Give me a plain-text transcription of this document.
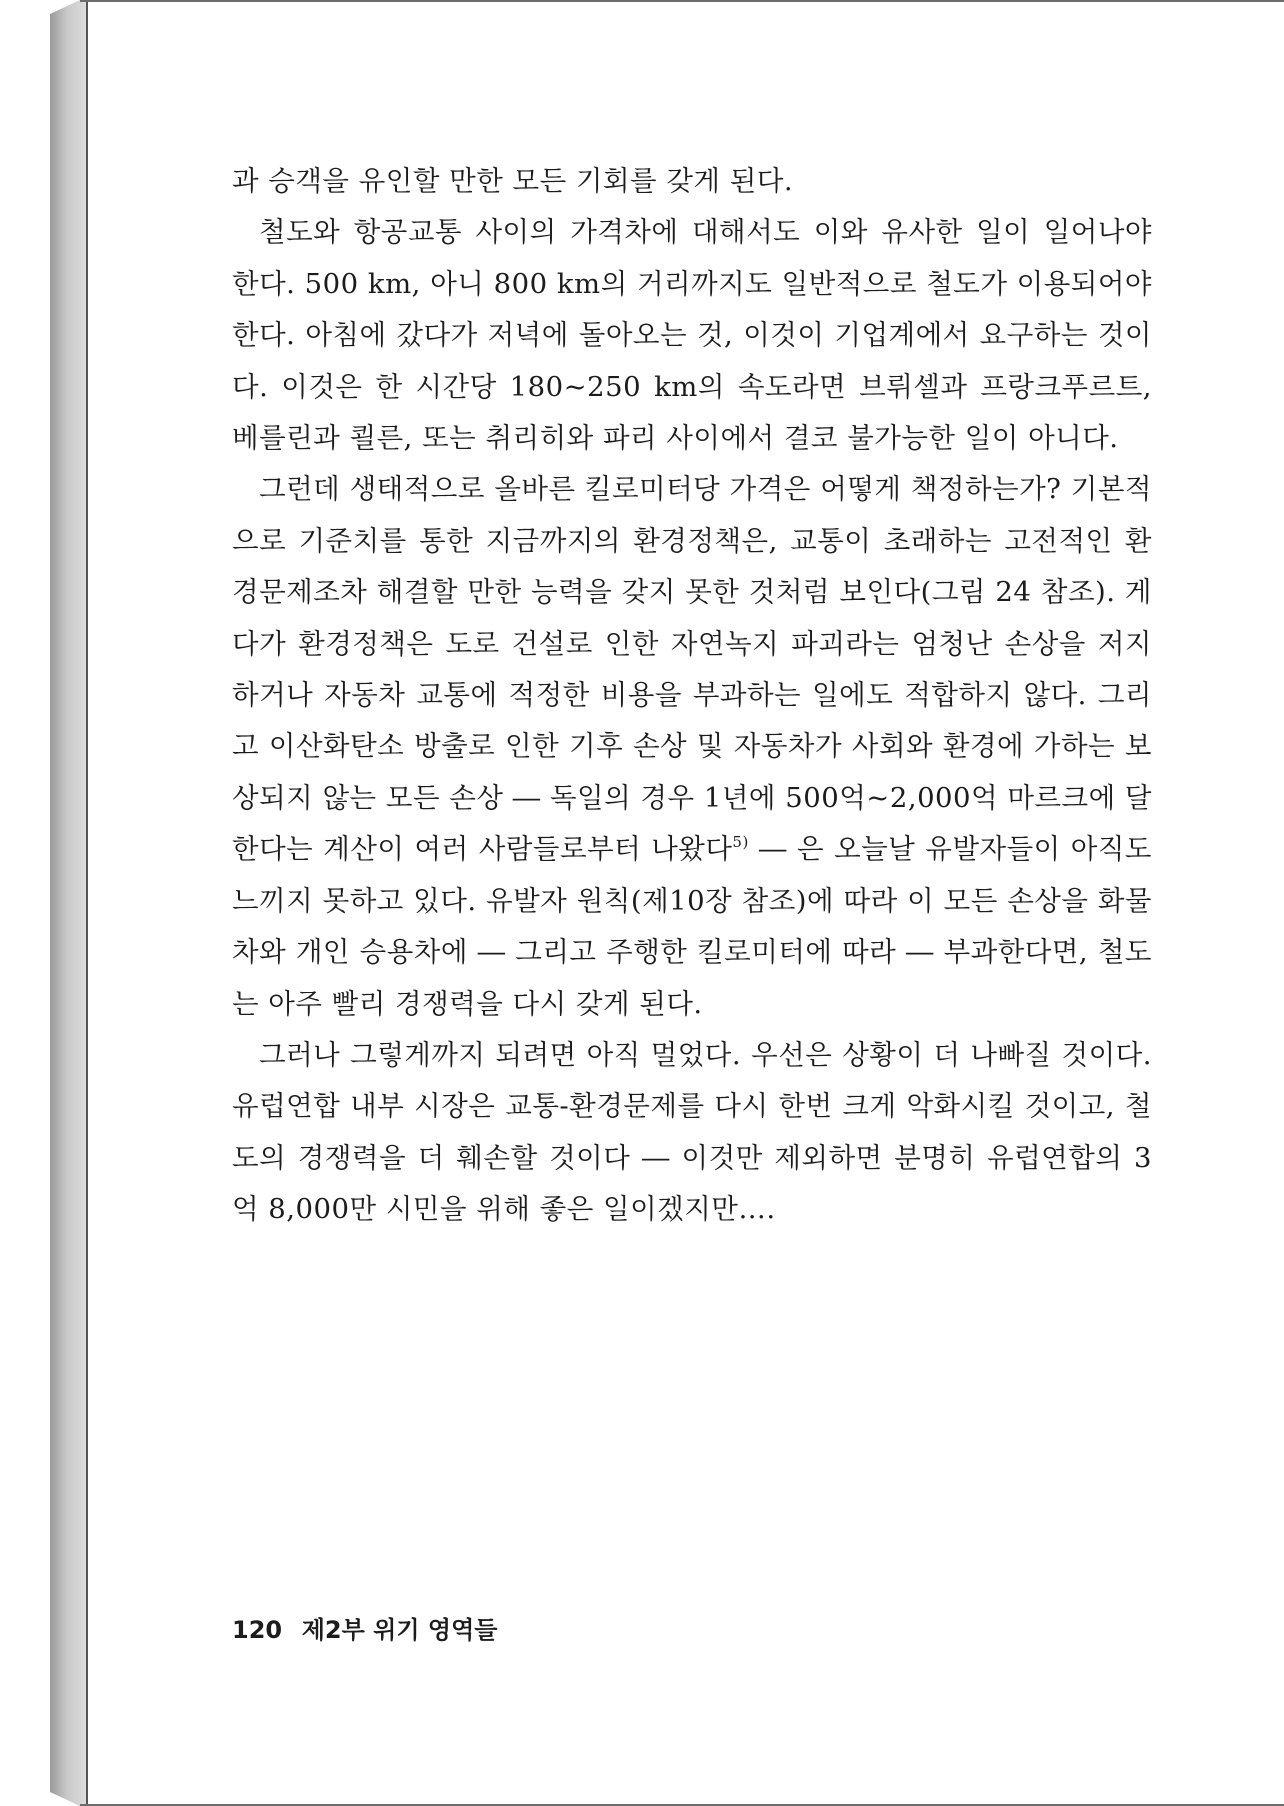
과 승객을 유인할 만한 모든 기회를 갖게 된다.

철도와 항공교통 사이의 가격차에 대해서도 이와 유사한 일이 일어나야 한다. 500 km, 아니 800 km의 거리까지도 일반적으로 철도가 이용되어야 한다. 아침에 갔다가 저녁에 돌아오는 것, 이것이 기업계에서 요구하는 것이다. 이것은 한 시간당 180~250 km의 속도라면 브뤼셀과 프랑크푸르트, 베를린과 쾰른, 또는 취리히와 파리 사이에서 결코 불가능한 일이 아니다.

그런데 생태적으로 올바른 킬로미터당 가격은 어떻게 책정하는가? 기본적으로 기준치를 통한 지금까지의 환경정책은, 교통이 초래하는 고전적인 환경문제조차 해결할 만한 능력을 갖지 못한 것처럼 보인다(그림 24 참조). 게다가 환경정책은 도로 건설로 인한 자연녹지 파괴라는 엄청난 손상을 저지하거나 자동차 교통에 적정한 비용을 부과하는 일에도 적합하지 않다. 그리고 이산화탄소 방출로 인한 기후 손상 및 자동차가 사회와 환경에 가하는 보상되지 않는 모든 손상 ― 독일의 경우 1년에 500억~2,000억 마르크에 달한다는 계산이 여러 사람들로부터 나왔다$^{5)}$ ― 은 오늘날 유발자들이 아직도 느끼지 못하고 있다. 유발자 원칙(제10장 참조)에 따라 이 모든 손상을 화물차와 개인 승용차에 ― 그리고 주행한 킬로미터에 따라 ― 부과한다면, 철도는 아주 빨리 경쟁력을 다시 갖게 된다.

그러나 그렇게까지 되려면 아직 멀었다. 우선은 상황이 더 나빠질 것이다. 유럽연합 내부 시장은 교통-환경문제를 다시 한번 크게 악화시킬 것이고, 철도의 경쟁력을 더 훼손할 것이다 ― 이것만 제외하면 분명히 유럽연합의 3억 8,000만 시민을 위해 좋은 일이겠지만….

120 제2부 위기 영역들
